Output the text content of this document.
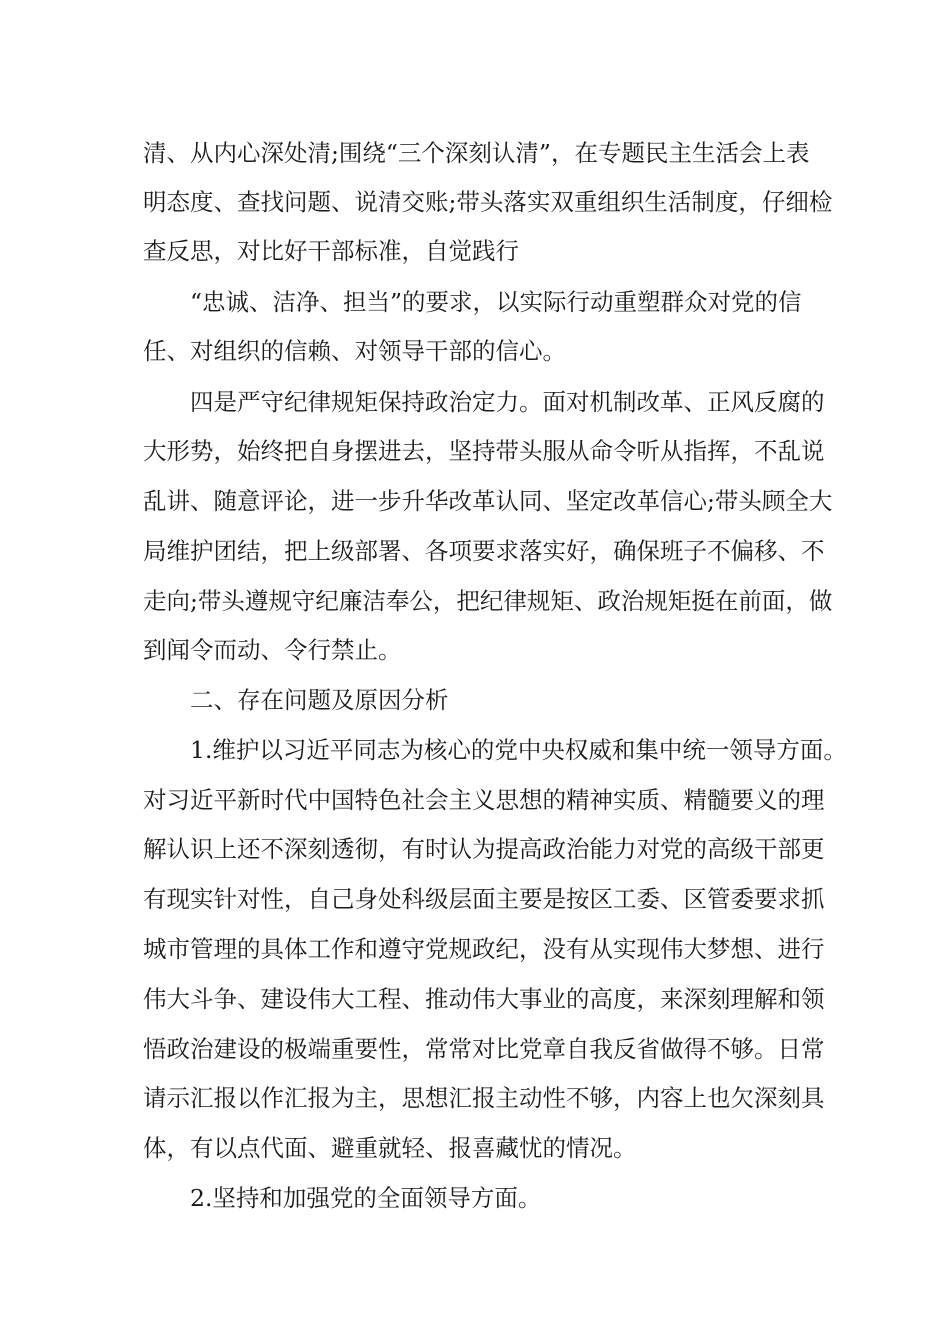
清、从内心深处清;围绕“三个深刻认清”，在专题民主生活会上表
明态度、查找问题、说清交账;带头落实双重组织生活制度，仔细检
查反思，对比好干部标准，自觉践行
“忠诚、洁净、担当”的要求，以实际行动重塑群众对党的信
任、对组织的信赖、对领导干部的信心。
四是严守纪律规矩保持政治定力。面对机制改革、正风反腐的
大形势，始终把自身摆进去，坚持带头服从命令听从指挥，不乱说
乱讲、随意评论，进一步升华改革认同、坚定改革信心;带头顾全大
局维护团结，把上级部署、各项要求落实好，确保班子不偏移、不
走向;带头遵规守纪廉洁奉公，把纪律规矩、政治规矩挺在前面，做
到闻令而动、令行禁止。
二、存在问题及原因分析
1.维护以习近平同志为核心的党中央权威和集中统一领导方面。
对习近平新时代中国特色社会主义思想的精神实质、精髓要义的理
解认识上还不深刻透彻，有时认为提高政治能力对党的高级干部更
有现实针对性，自己身处科级层面主要是按区工委、区管委要求抓
城市管理的具体工作和遵守党规政纪，没有从实现伟大梦想、进行
伟大斗争、建设伟大工程、推动伟大事业的高度，来深刻理解和领
悟政治建设的极端重要性，常常对比党章自我反省做得不够。日常
请示汇报以作汇报为主，思想汇报主动性不够，内容上也欠深刻具
体，有以点代面、避重就轻、报喜藏忧的情况。
2.坚持和加强党的全面领导方面。
